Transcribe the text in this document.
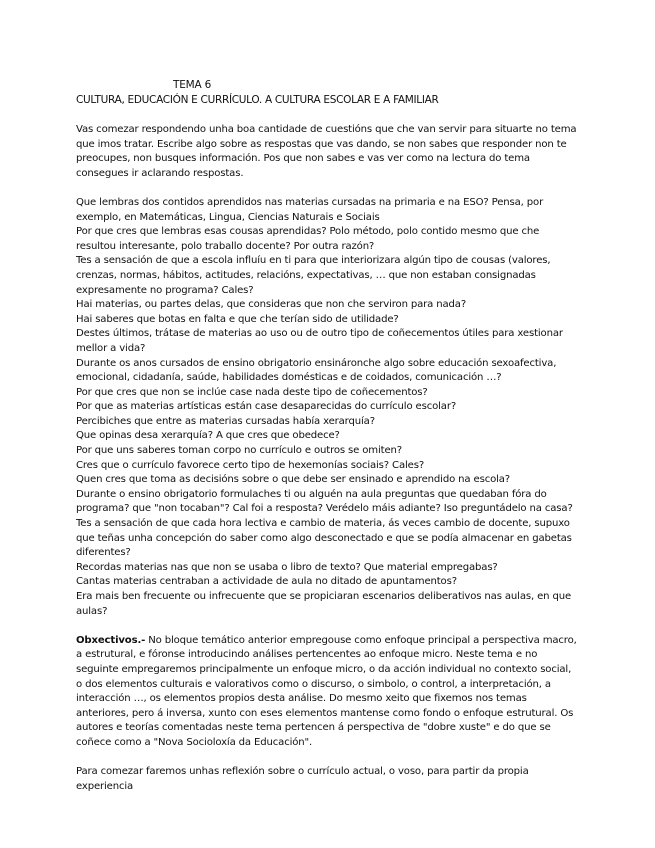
TEMA 6
CULTURA, EDUCACIÓN E CURRÍCULO. A CULTURA ESCOLAR E A FAMILIAR

Vas comezar respondendo unha boa cantidade de cuestións que che van servir para situarte no tema que imos tratar. Escribe algo sobre as respostas que vas dando, se non sabes que responder non te preocupes, non busques información. Pos que non sabes e vas ver como na lectura do tema consegues ir aclarando respostas.

Que lembras dos contidos aprendidos nas materias cursadas na primaria e na ESO? Pensa, por exemplo, en Matemáticas, Lingua, Ciencias Naturais e Sociais

Por que cres que lembras esas cousas aprendidas? Polo método, polo contido mesmo que che resultou interesante, polo traballo docente? Por outra razón?

Tes a sensación de que a escola influíu en ti para que interiorizara algún tipo de cousas (valores, crenzas, normas, hábitos, actitudes, relacións, expectativas, … que non estaban consignadas expresamente no programa? Cales?

Hai materias, ou partes delas, que consideras que non che serviron para nada?

Hai saberes que botas en falta e que che terían sido de utilidade?

Destes últimos, trátase de materias ao uso ou de outro tipo de coñecementos útiles para xestionar mellor a vida?

Durante os anos cursados de ensino obrigatorio ensináronche algo sobre educación sexoafectiva, emocional, cidadanía, saúde, habilidades domésticas e de coidados, comunicación …?

Por que cres que non se inclúe case nada deste tipo de coñecementos?

Por que as materias artísticas están case desaparecidas do currículo escolar?

Percibiches que entre as materias cursadas había xerarquía?

Que opinas desa xerarquía? A que cres que obedece?

Por que uns saberes toman corpo no currículo e outros se omiten?

Cres que o currículo favorece certo tipo de hexemonías sociais? Cales?

Quen cres que toma as decisións sobre o que debe ser ensinado e aprendido na escola?

Durante o ensino obrigatorio formulaches ti ou alguén na aula preguntas que quedaban fóra do programa? que "non tocaban"? Cal foi a resposta? Verédelo máis adiante? Iso preguntádelo na casa?

Tes a sensación de que cada hora lectiva e cambio de materia, ás veces cambio de docente, supuxo que teñas unha concepción do saber como algo desconectado e que se podía almacenar en gabetas diferentes?

Recordas materias nas que non se usaba o libro de texto? Que material empregabas?

Cantas materias centraban a actividade de aula no ditado de apuntamentos?

Era mais ben frecuente ou infrecuente que se propiciaran escenarios deliberativos nas aulas, en que aulas?

Obxectivos.- No bloque temático anterior empregouse como enfoque principal a perspectiva macro, a estrutural, e fóronse introducindo análises pertencentes ao enfoque micro. Neste tema e no seguinte empregaremos principalmente un enfoque micro, o da acción individual no contexto social, o dos elementos culturais e valorativos como o discurso, o simbolo, o control, a interpretación, a interacción …, os elementos propios desta análise. Do mesmo xeito que fixemos nos temas anteriores, pero á inversa, xunto con eses elementos mantense como fondo o enfoque estrutural. Os autores e teorías comentadas neste tema pertencen á perspectiva de "dobre xuste" e do que se coñece como a "Nova Socioloxía da Educación".

Para comezar faremos unhas reflexión sobre o currículo actual, o voso, para partir da propia experiencia
